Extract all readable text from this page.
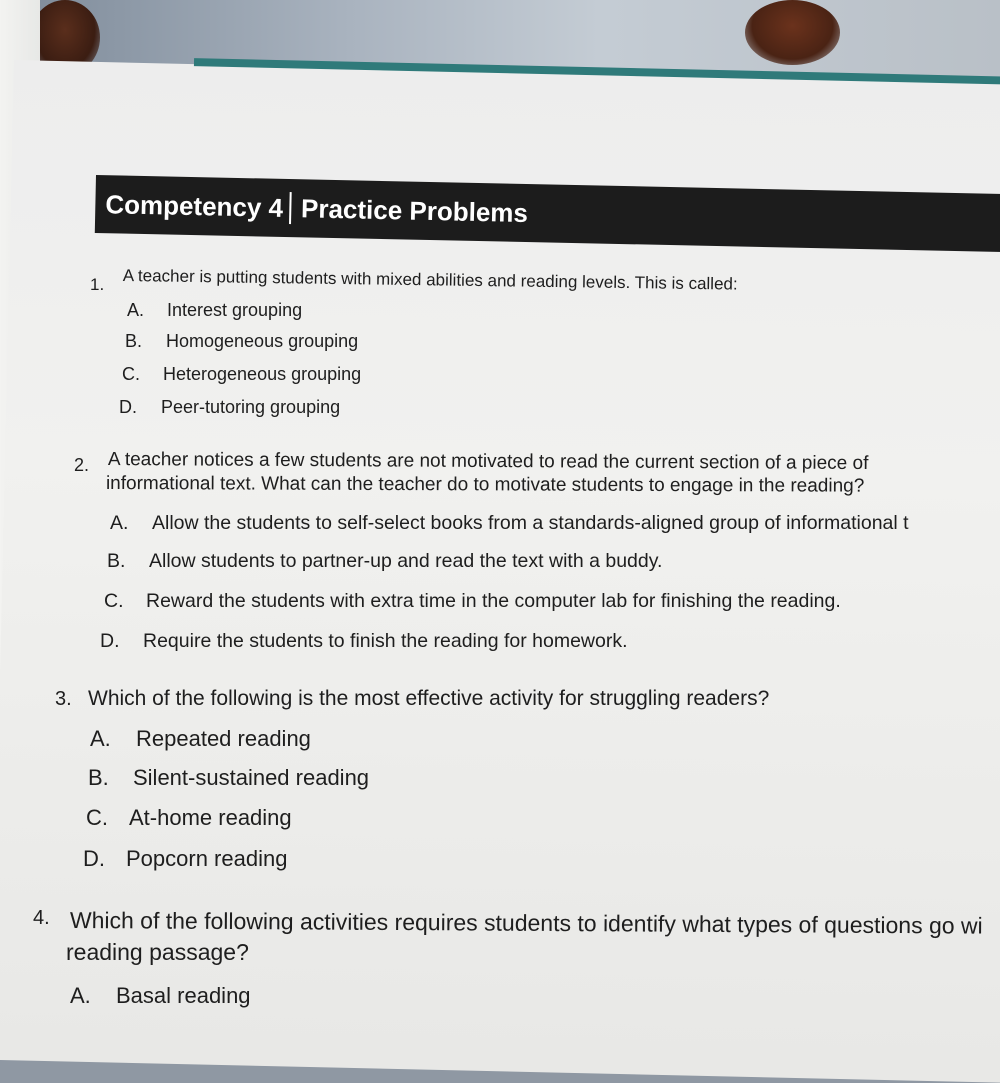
Competency 4 Practice Problems
1. A teacher is putting students with mixed abilities and reading levels. This is called:
A. Interest grouping
B. Homogeneous grouping
C. Heterogeneous grouping
D. Peer-tutoring grouping
2. A teacher notices a few students are not motivated to read the current section of a piece of
informational text. What can the teacher do to motivate students to engage in the reading?
A. Allow the students to self-select books from a standards-aligned group of informational t
B. Allow students to partner-up and read the text with a buddy.
C. Reward the students with extra time in the computer lab for finishing the reading.
D. Require the students to finish the reading for homework.
3. Which of the following is the most effective activity for struggling readers?
A. Repeated reading
B. Silent-sustained reading
C. At-home reading
D. Popcorn reading
4. Which of the following activities requires students to identify what types of questions go wi
reading passage?
A. Basal reading
